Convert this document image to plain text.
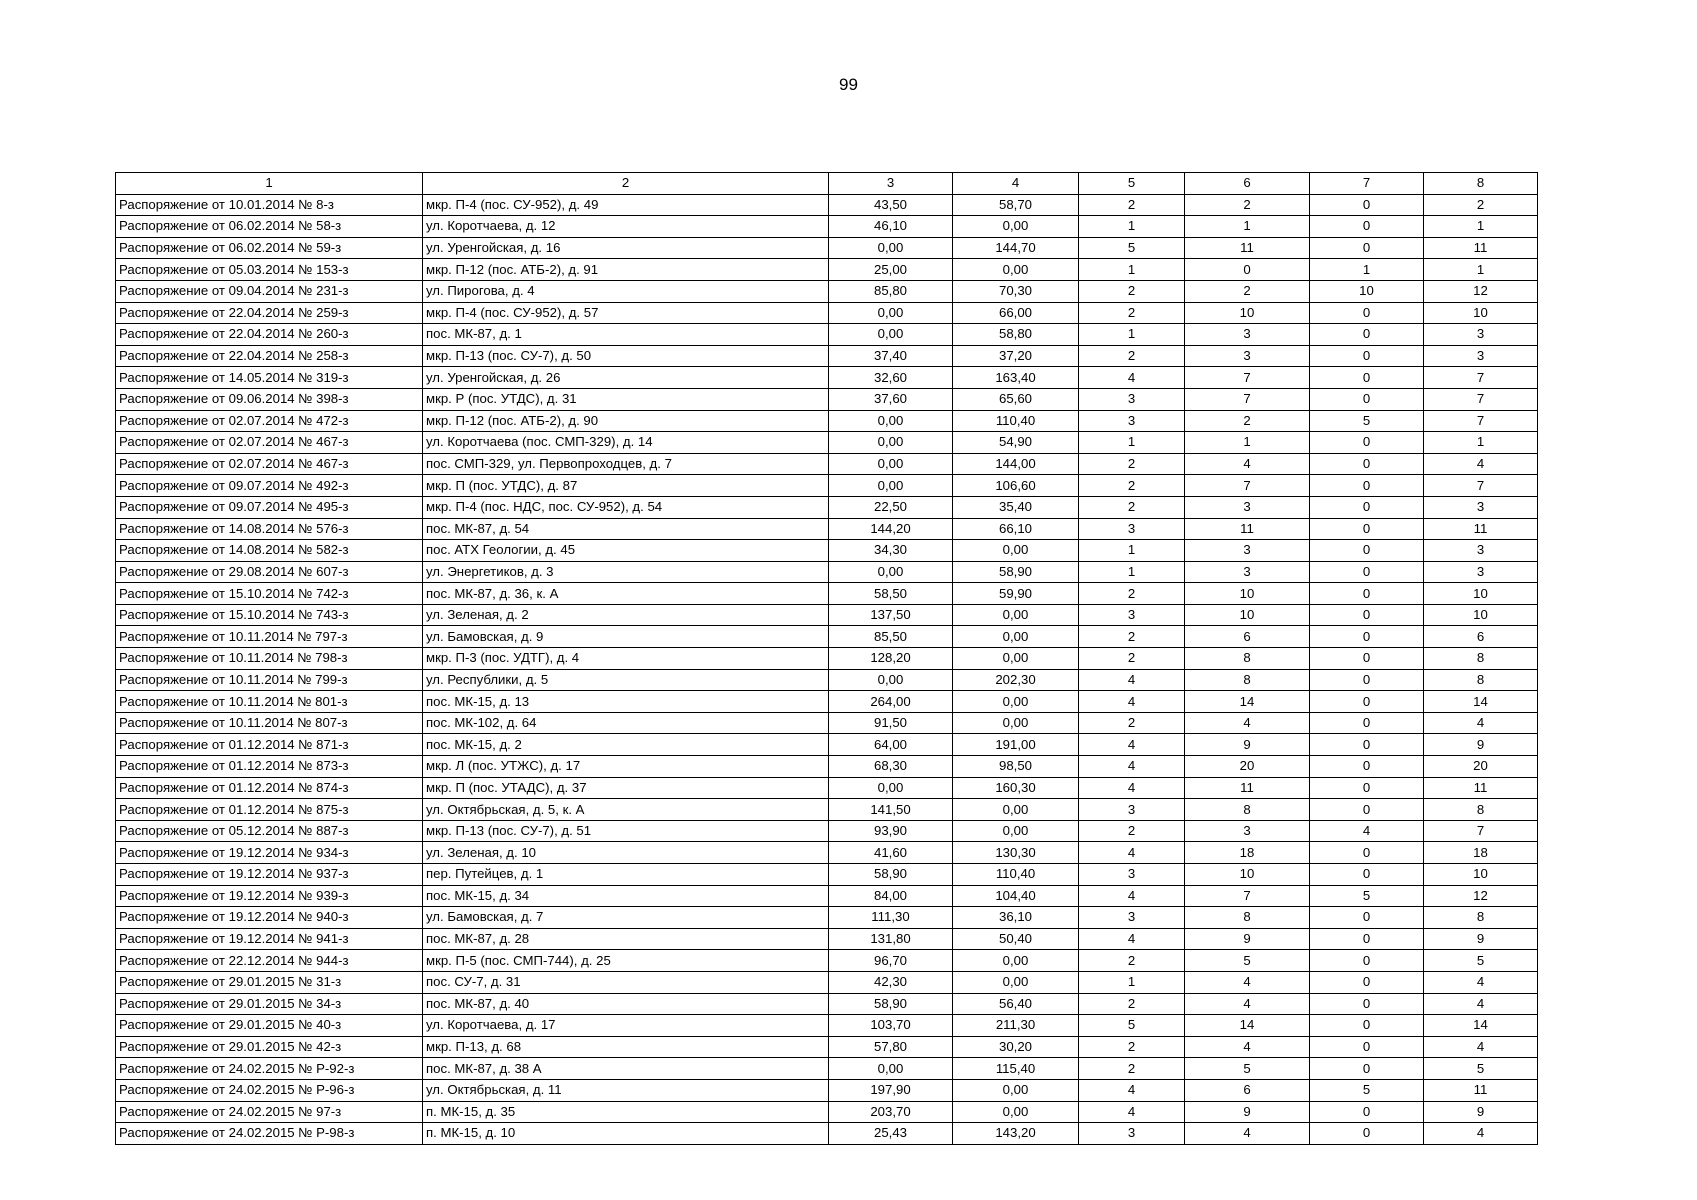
99
1	2	3	4	5	6	7	8
Распоряжение от 10.01.2014 № 8-з	мкр. П-4 (пос. СУ-952), д. 49	43,50	58,70	2	2	0	2
Распоряжение от 06.02.2014 № 58-з	ул. Коротчаева, д. 12	46,10	0,00	1	1	0	1
Распоряжение от 06.02.2014 № 59-з	ул. Уренгойская, д. 16	0,00	144,70	5	11	0	11
Распоряжение от 05.03.2014 № 153-з	мкр. П-12 (пос. АТБ-2), д. 91	25,00	0,00	1	0	1	1
Распоряжение от 09.04.2014 № 231-з	ул. Пирогова, д. 4	85,80	70,30	2	2	10	12
Распоряжение от 22.04.2014 № 259-з	мкр. П-4 (пос. СУ-952), д. 57	0,00	66,00	2	10	0	10
Распоряжение от 22.04.2014 № 260-з	пос. МК-87, д. 1	0,00	58,80	1	3	0	3
Распоряжение от 22.04.2014 № 258-з	мкр. П-13 (пос. СУ-7), д. 50	37,40	37,20	2	3	0	3
Распоряжение от 14.05.2014 № 319-з	ул. Уренгойская, д. 26	32,60	163,40	4	7	0	7
Распоряжение от 09.06.2014 № 398-з	мкр. Р (пос. УТДС), д. 31	37,60	65,60	3	7	0	7
Распоряжение от 02.07.2014 № 472-з	мкр. П-12 (пос. АТБ-2), д. 90	0,00	110,40	3	2	5	7
Распоряжение от 02.07.2014 № 467-з	ул. Коротчаева (пос. СМП-329), д. 14	0,00	54,90	1	1	0	1
Распоряжение от 02.07.2014 № 467-з	пос. СМП-329, ул. Первопроходцев, д. 7	0,00	144,00	2	4	0	4
Распоряжение от 09.07.2014 № 492-з	мкр. П (пос. УТДС), д. 87	0,00	106,60	2	7	0	7
Распоряжение от 09.07.2014 № 495-з	мкр. П-4 (пос. НДС, пос. СУ-952), д. 54	22,50	35,40	2	3	0	3
Распоряжение от 14.08.2014 № 576-з	пос. МК-87, д. 54	144,20	66,10	3	11	0	11
Распоряжение от 14.08.2014 № 582-з	пос. АТХ Геологии, д. 45	34,30	0,00	1	3	0	3
Распоряжение от 29.08.2014 № 607-з	ул. Энергетиков, д. 3	0,00	58,90	1	3	0	3
Распоряжение от 15.10.2014 № 742-з	пос. МК-87, д. 36, к. А	58,50	59,90	2	10	0	10
Распоряжение от 15.10.2014 № 743-з	ул. Зеленая, д. 2	137,50	0,00	3	10	0	10
Распоряжение от 10.11.2014 № 797-з	ул. Бамовская, д. 9	85,50	0,00	2	6	0	6
Распоряжение от 10.11.2014 № 798-з	мкр. П-3 (пос. УДТГ), д. 4	128,20	0,00	2	8	0	8
Распоряжение от 10.11.2014 № 799-з	ул. Республики, д. 5	0,00	202,30	4	8	0	8
Распоряжение от 10.11.2014 № 801-з	пос. МК-15, д. 13	264,00	0,00	4	14	0	14
Распоряжение от 10.11.2014 № 807-з	пос. МК-102, д. 64	91,50	0,00	2	4	0	4
Распоряжение от 01.12.2014 № 871-з	пос. МК-15, д. 2	64,00	191,00	4	9	0	9
Распоряжение от 01.12.2014 № 873-з	мкр. Л (пос. УТЖС), д. 17	68,30	98,50	4	20	0	20
Распоряжение от 01.12.2014 № 874-з	мкр. П (пос. УТАДС), д. 37	0,00	160,30	4	11	0	11
Распоряжение от 01.12.2014 № 875-з	ул. Октябрьская, д. 5, к. А	141,50	0,00	3	8	0	8
Распоряжение от 05.12.2014 № 887-з	мкр. П-13 (пос. СУ-7), д. 51	93,90	0,00	2	3	4	7
Распоряжение от 19.12.2014 № 934-з	ул. Зеленая, д. 10	41,60	130,30	4	18	0	18
Распоряжение от 19.12.2014 № 937-з	пер. Путейцев, д. 1	58,90	110,40	3	10	0	10
Распоряжение от 19.12.2014 № 939-з	пос. МК-15, д. 34	84,00	104,40	4	7	5	12
Распоряжение от 19.12.2014 № 940-з	ул. Бамовская, д. 7	111,30	36,10	3	8	0	8
Распоряжение от 19.12.2014 № 941-з	пос. МК-87, д. 28	131,80	50,40	4	9	0	9
Распоряжение от 22.12.2014 № 944-з	мкр. П-5 (пос. СМП-744), д. 25	96,70	0,00	2	5	0	5
Распоряжение от 29.01.2015 № 31-з	пос. СУ-7, д. 31	42,30	0,00	1	4	0	4
Распоряжение от 29.01.2015 № 34-з	пос. МК-87, д. 40	58,90	56,40	2	4	0	4
Распоряжение от 29.01.2015 № 40-з	ул. Коротчаева, д. 17	103,70	211,30	5	14	0	14
Распоряжение от 29.01.2015 № 42-з	мкр. П-13, д. 68	57,80	30,20	2	4	0	4
Распоряжение от 24.02.2015 № Р-92-з	пос. МК-87, д. 38 А	0,00	115,40	2	5	0	5
Распоряжение от 24.02.2015 № Р-96-з	ул. Октябрьская, д. 11	197,90	0,00	4	6	5	11
Распоряжение от 24.02.2015 № 97-з	п. МК-15, д. 35	203,70	0,00	4	9	0	9
Распоряжение от 24.02.2015 № Р-98-з	п. МК-15, д. 10	25,43	143,20	3	4	0	4
